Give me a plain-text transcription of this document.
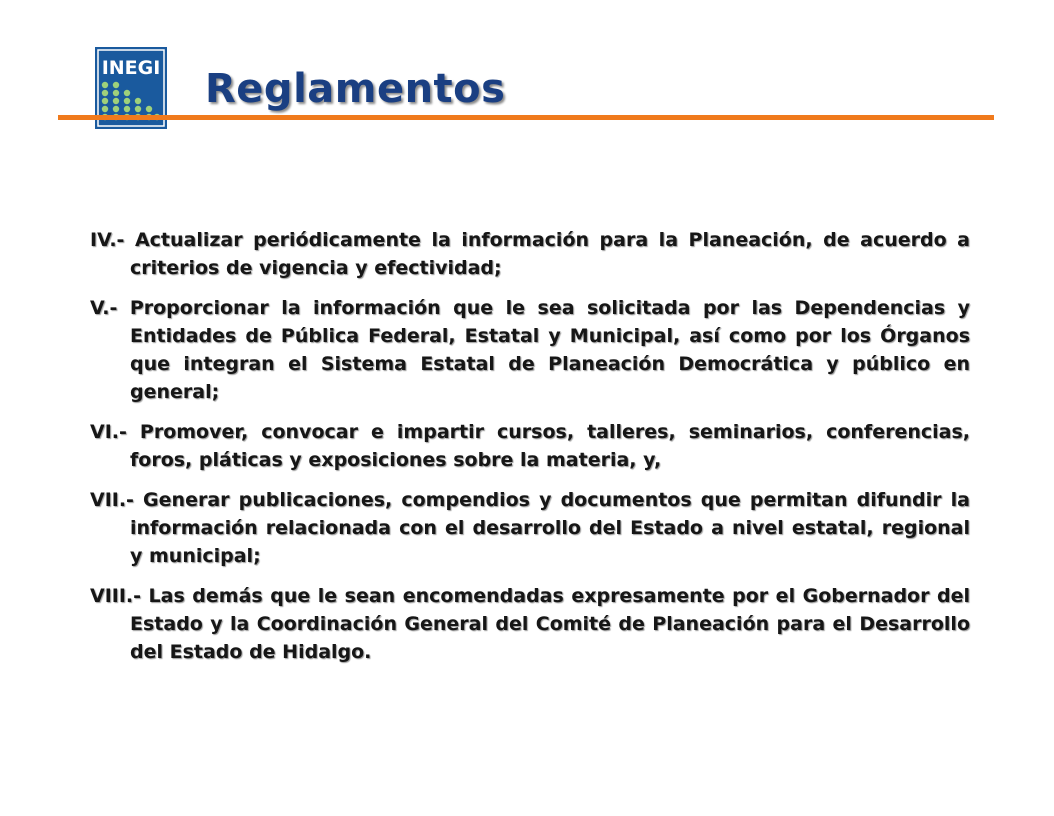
INEGI Reglamentos

IV.- Actualizar periódicamente la información para la Planeación, de acuerdo a criterios de vigencia y efectividad;

V.- Proporcionar la información que le sea solicitada por las Dependencias y Entidades de Pública Federal, Estatal y Municipal, así como por los Órganos que integran el Sistema Estatal de Planeación Democrática y público en general;

VI.- Promover, convocar e impartir cursos, talleres, seminarios, conferencias, foros, pláticas y exposiciones sobre la materia, y,

VII.- Generar publicaciones, compendios y documentos que permitan difundir la información relacionada con el desarrollo del Estado a nivel estatal, regional y municipal;

VIII.- Las demás que le sean encomendadas expresamente por el Gobernador del Estado y la Coordinación General del Comité de Planeación para el Desarrollo del Estado de Hidalgo.
